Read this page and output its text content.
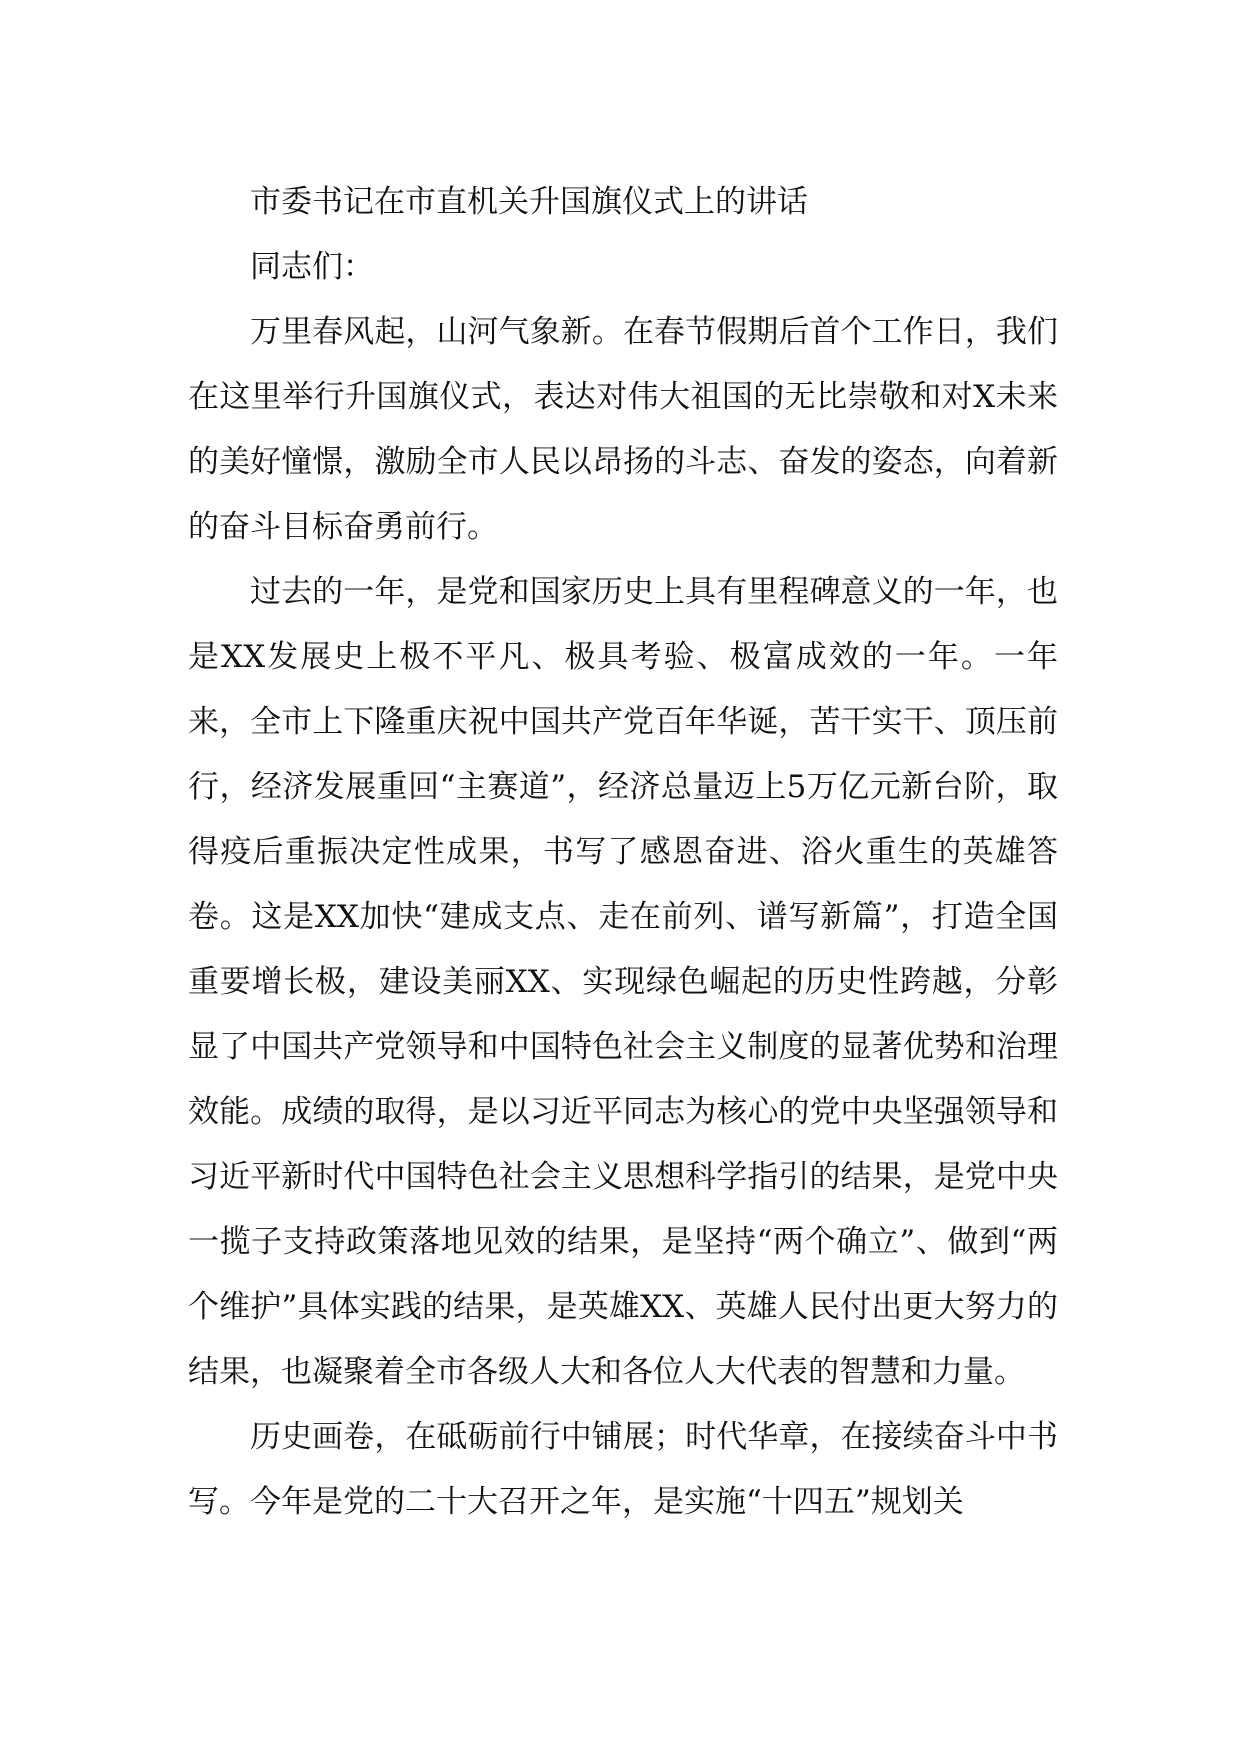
市委书记在市直机关升国旗仪式上的讲话

同志们：

万里春风起，山河气象新。在春节假期后首个工作日，我们在这里举行升国旗仪式，表达对伟大祖国的无比崇敬和对X未来的美好憧憬，激励全市人民以昂扬的斗志、奋发的姿态，向着新的奋斗目标奋勇前行。

过去的一年，是党和国家历史上具有里程碑意义的一年，也是XX发展史上极不平凡、极具考验、极富成效的一年。一年来，全市上下隆重庆祝中国共产党百年华诞，苦干实干、顶压前行，经济发展重回“主赛道”，经济总量迈上5万亿元新台阶，取得疫后重振决定性成果，书写了感恩奋进、浴火重生的英雄答卷。这是XX加快“建成支点、走在前列、谱写新篇”，打造全国重要增长极，建设美丽XX、实现绿色崛起的历史性跨越，分彰显了中国共产党领导和中国特色社会主义制度的显著优势和治理效能。成绩的取得，是以习近平同志为核心的党中央坚强领导和习近平新时代中国特色社会主义思想科学指引的结果，是党中央一揽子支持政策落地见效的结果，是坚持“两个确立”、做到“两个维护”具体实践的结果，是英雄XX、英雄人民付出更大努力的结果，也凝聚着全市各级人大和各位人大代表的智慧和力量。

历史画卷，在砥砺前行中铺展；时代华章，在接续奋斗中书写。今年是党的二十大召开之年，是实施“十四五”规划关
